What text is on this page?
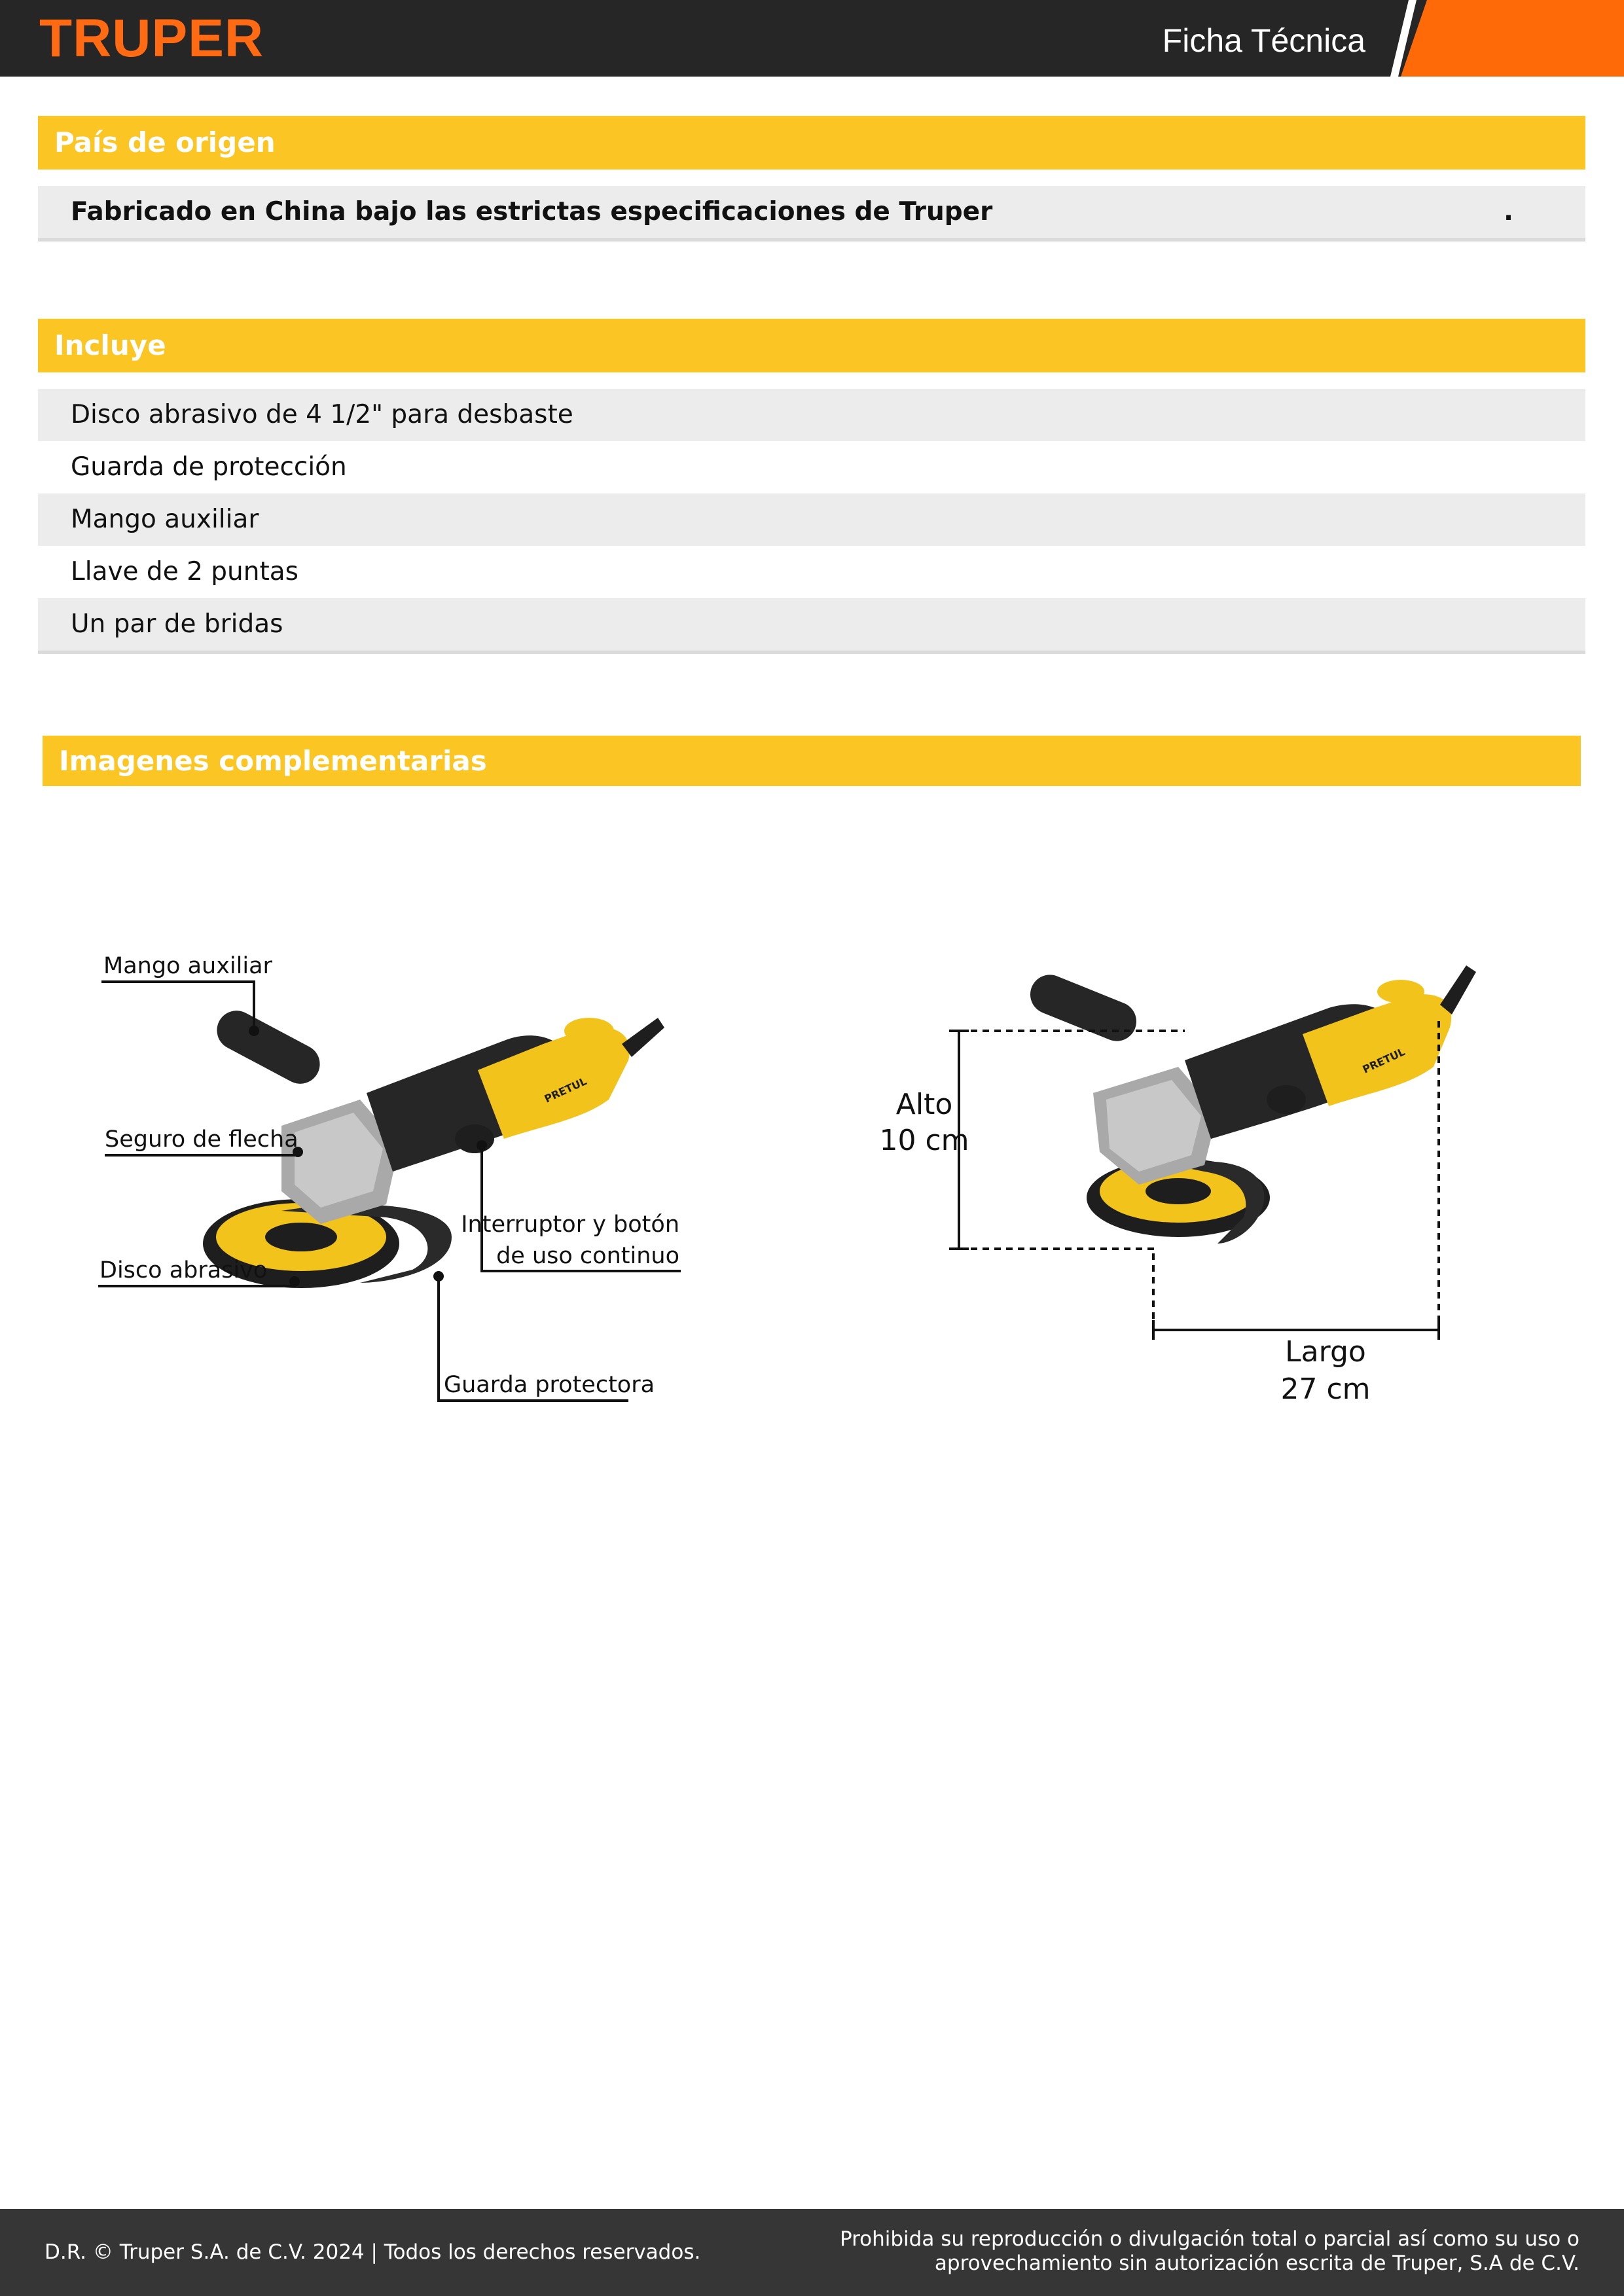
TRUPER	Ficha Técnica
País de origen
Fabricado en China bajo las estrictas especificaciones de Truper	.
Incluye
Disco abrasivo de 4 1/2" para desbaste
Guarda de protección
Mango auxiliar
Llave de 2 puntas
Un par de bridas
Imagenes complementarias
PRETUL
Mango auxiliar
Seguro de flecha
Disco abrasivo
Interruptor y botón
de uso continuo
Guarda protectora
PRETUL
Alto
10 cm
Largo
27 cm
D.R. © Truper S.A. de C.V. 2024 | Todos los derechos reservados.
Prohibida su reproducción o divulgación total o parcial así como su uso o
aprovechamiento sin autorización escrita de Truper, S.A de C.V.
